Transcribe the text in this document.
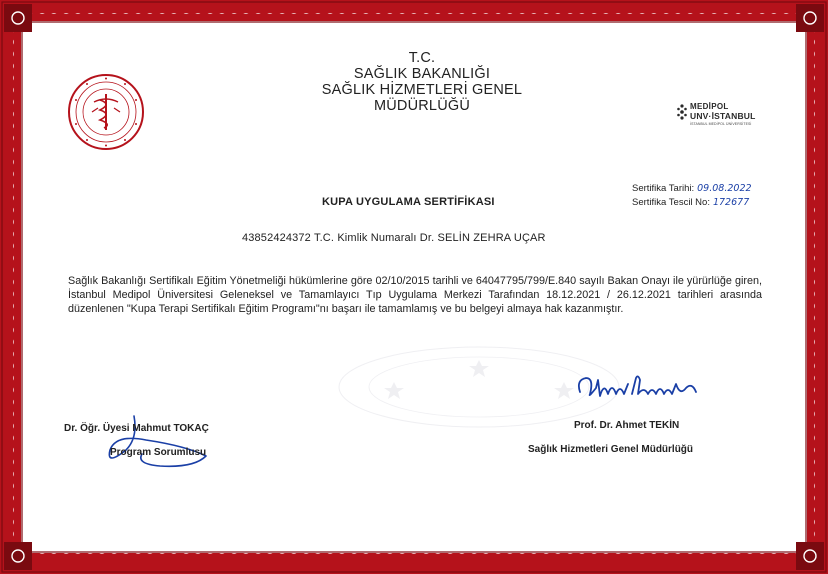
T.C.
SAĞLIK BAKANLIĞI
SAĞLIK HİZMETLERİ GENEL
MÜDÜRLÜĞÜ	MEDİPOL
UNV·İSTANBUL
İSTANBUL MEDİPOL ÜNİVERSİTESİ
Sertifika Tarihi: 09.08.2022
Sertifika Tescil No: 172677
KUPA UYGULAMA SERTİFİKASI
43852424372 T.C. Kimlik Numaralı Dr. SELİN ZEHRA UÇAR
Sağlık Bakanlığı Sertifikalı Eğitim Yönetmeliği hükümlerine göre 02/10/2015 tarihli ve 64047795/799/E.840 sayılı Bakan Onayı ile yürürlüğe giren, İstanbul Medipol Üniversitesi Geleneksel ve Tamamlayıcı Tıp Uygulama Merkezi Tarafından 18.12.2021 / 26.12.2021 tarihleri arasında düzenlenen "Kupa Terapi Sertifikalı Eğitim Programı"nı başarı ile tamamlamış ve bu belgeyi almaya hak kazanmıştır.
Dr. Öğr. Üyesi Mahmut TOKAÇ
Program Sorumlusu
Prof. Dr. Ahmet TEKİN
Sağlık Hizmetleri Genel Müdürlüğü
